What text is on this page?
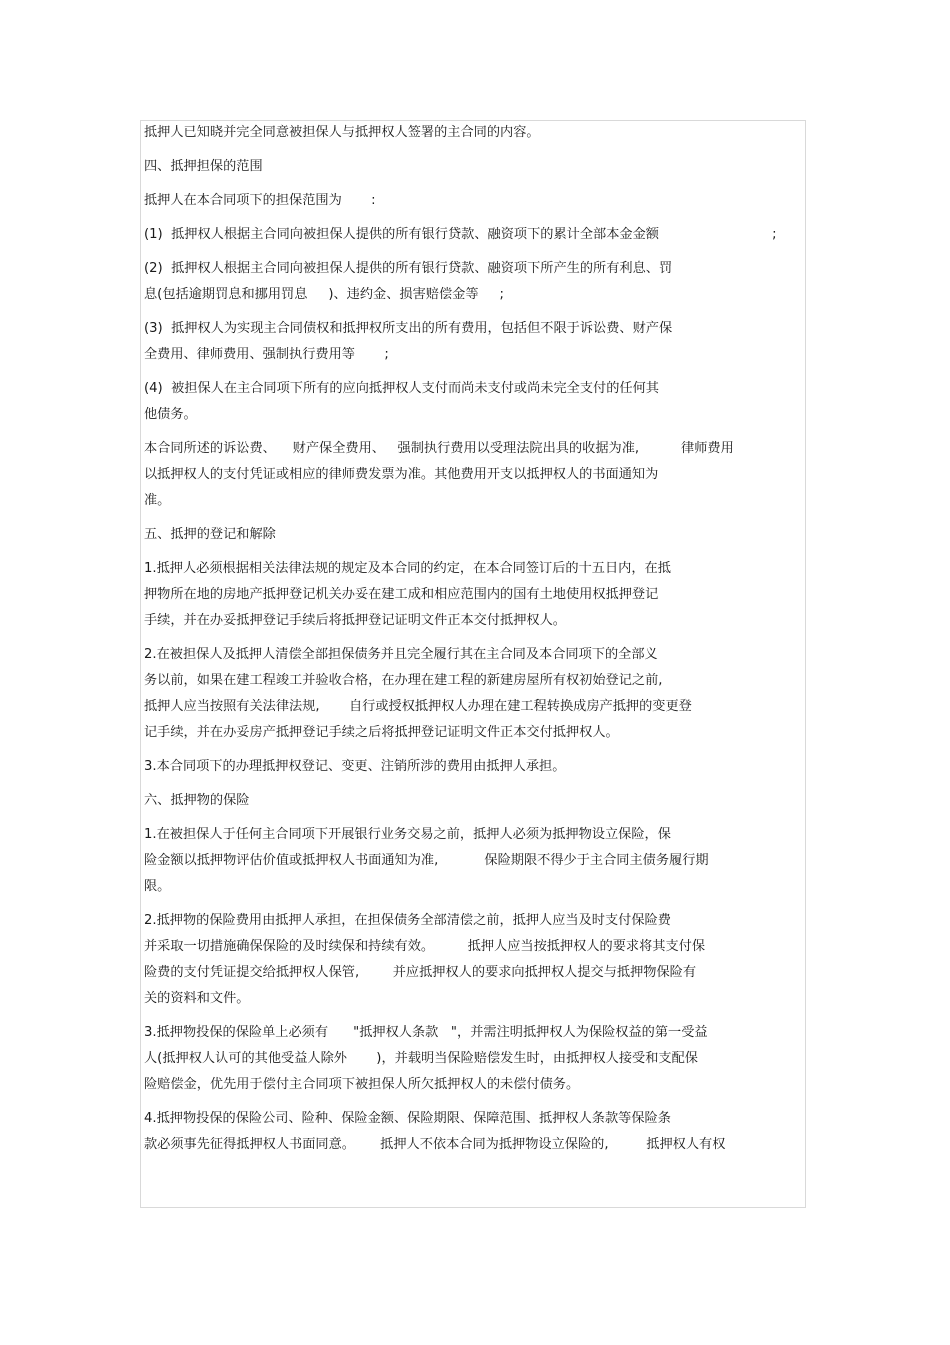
抵押人已知晓并完全同意被担保人与抵押权人签署的主合同的内容。

四、抵押担保的范围

抵押人在本合同项下的担保范围为       :

(1)  抵押权人根据主合同向被担保人提供的所有银行贷款、融资项下的累计全部本金金额                           ;

(2)  抵押权人根据主合同向被担保人提供的所有银行贷款、融资项下所产生的所有利息、罚
息(包括逾期罚息和挪用罚息     )、违约金、损害赔偿金等     ;

(3)  抵押权人为实现主合同债权和抵押权所支出的所有费用，包括但不限于诉讼费、财产保
全费用、律师费用、强制执行费用等       ;

(4)  被担保人在主合同项下所有的应向抵押权人支付而尚未支付或尚未完全支付的任何其
他债务。

本合同所述的诉讼费、    财产保全费用、   强制执行费用以受理法院出具的收据为准,          律师费用
以抵押权人的支付凭证或相应的律师费发票为准。其他费用开支以抵押权人的书面通知为
准。

五、抵押的登记和解除

1.抵押人必须根据相关法律法规的规定及本合同的约定，在本合同签订后的十五日内，在抵
押物所在地的房地产抵押登记机关办妥在建工成和相应范围内的国有土地使用权抵押登记
手续，并在办妥抵押登记手续后将抵押登记证明文件正本交付抵押权人。

2.在被担保人及抵押人清偿全部担保债务并且完全履行其在主合同及本合同项下的全部义
务以前，如果在建工程竣工并验收合格，在办理在建工程的新建房屋所有权初始登记之前,
抵押人应当按照有关法律法规,       自行或授权抵押权人办理在建工程转换成房产抵押的变更登
记手续，并在办妥房产抵押登记手续之后将抵押登记证明文件正本交付抵押权人。

3.本合同项下的办理抵押权登记、变更、注销所涉的费用由抵押人承担。

六、抵押物的保险

1.在被担保人于任何主合同项下开展银行业务交易之前，抵押人必须为抵押物设立保险，保
险金额以抵押物评估价值或抵押权人书面通知为准,           保险期限不得少于主合同主债务履行期
限。

2.抵押物的保险费用由抵押人承担，在担保债务全部清偿之前，抵押人应当及时支付保险费
并采取一切措施确保保险的及时续保和持续有效。        抵押人应当按抵押权人的要求将其支付保
险费的支付凭证提交给抵押权人保管,        并应抵押权人的要求向抵押权人提交与抵押物保险有
关的资料和文件。

3.抵押物投保的保险单上必须有      "抵押权人条款   "，并需注明抵押权人为保险权益的第一受益
人(抵押权人认可的其他受益人除外       )，并载明当保险赔偿发生时，由抵押权人接受和支配保
险赔偿金，优先用于偿付主合同项下被担保人所欠抵押权人的未偿付债务。

4.抵押物投保的保险公司、险种、保险金额、保险期限、保障范围、抵押权人条款等保险条
款必须事先征得抵押权人书面同意。      抵押人不依本合同为抵押物设立保险的,         抵押权人有权
